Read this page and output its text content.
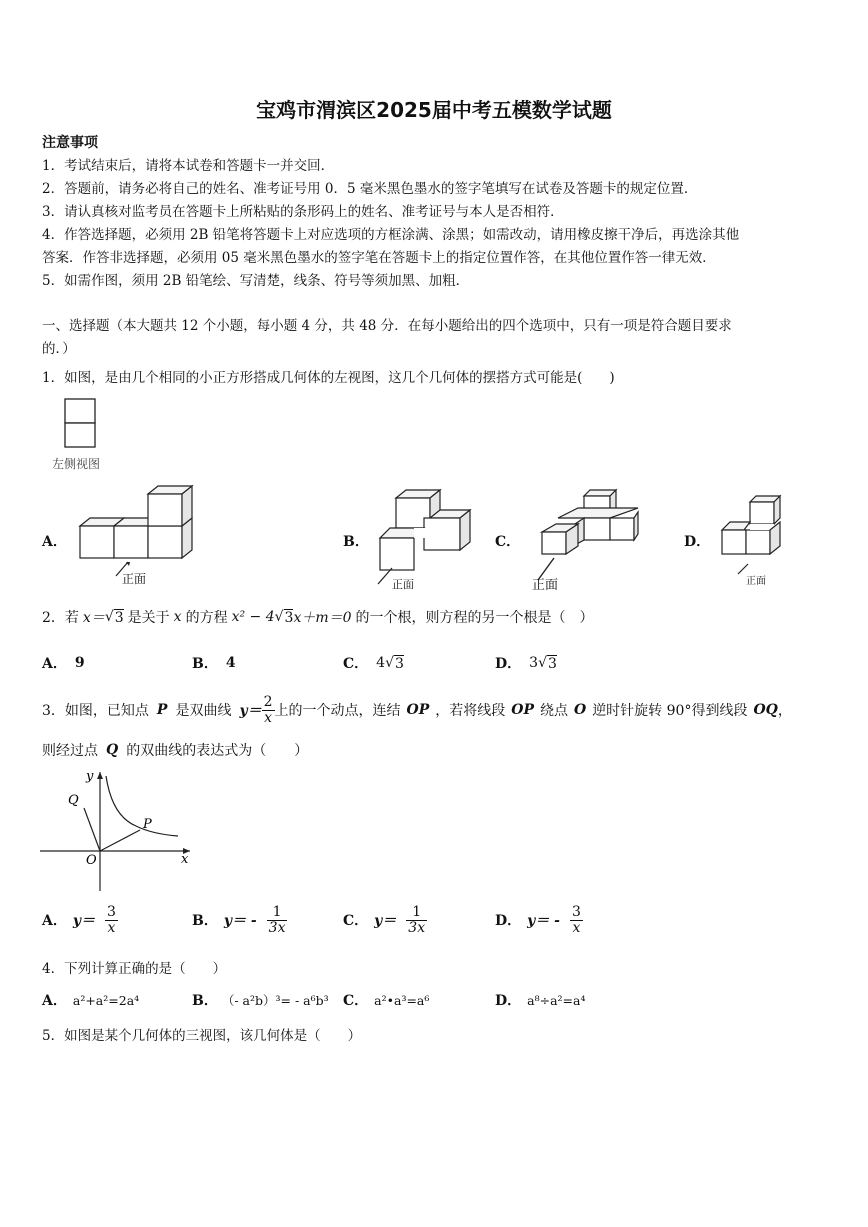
宝鸡市渭滨区2025届中考五模数学试题
注意事项
1．考试结束后，请将本试卷和答题卡一并交回．
2．答题前，请务必将自己的姓名、准考证号用 0．5 毫米黑色墨水的签字笔填写在试卷及答题卡的规定位置．
3．请认真核对监考员在答题卡上所粘贴的条形码上的姓名、准考证号与本人是否相符．
4．作答选择题，必须用 2B 铅笔将答题卡上对应选项的方框涂满、涂黑；如需改动，请用橡皮擦干净后，再选涂其他
答案．作答非选择题，必须用 05 毫米黑色墨水的签字笔在答题卡上的指定位置作答，在其他位置作答一律无效．
5．如需作图，须用 2B 铅笔绘、写清楚，线条、符号等须加黑、加粗．
一、选择题（本大题共 12 个小题，每小题 4 分，共 48 分．在每小题给出的四个选项中，只有一项是符合题目要求
的．）
1．如图，是由几个相同的小正方形搭成几何体的左视图，这几个几何体的摆搭方式可能是(　　)
左侧视图
A．
正面
B．
正面
C．
正面
D．
正面
2．若 x＝ √ 3 是关于 x 的方程 x² − 4 √ 3 x＋m＝0 的一个根，则方程的另一个根是（　）
A． 9	B． 4	C． 4 √ 3	D． 3 √ 3
3．如图，已知点 P 是双曲线 $y= \frac{2}{x}$ 上的一个动点，连结 OP ，若将线段 OP 绕点 O 逆时针旋转 90°得到线段 OQ ，
则经过点 Q 的双曲线的表达式为（　　）
y
x
O
P
Q
A． $y= \frac{3}{x}$	B． $y= - \frac{1}{3x}$	C． $y= \frac{1}{3x}$	D． $y= - \frac{3}{x}$
4．下列计算正确的是（　　）
A． a²+a²=2a⁴	B． （- a²b）³= - a⁶b³ C． a²•a³=a⁶	D． a⁸÷a²=a⁴
5．如图是某个几何体的三视图，该几何体是（　　）
